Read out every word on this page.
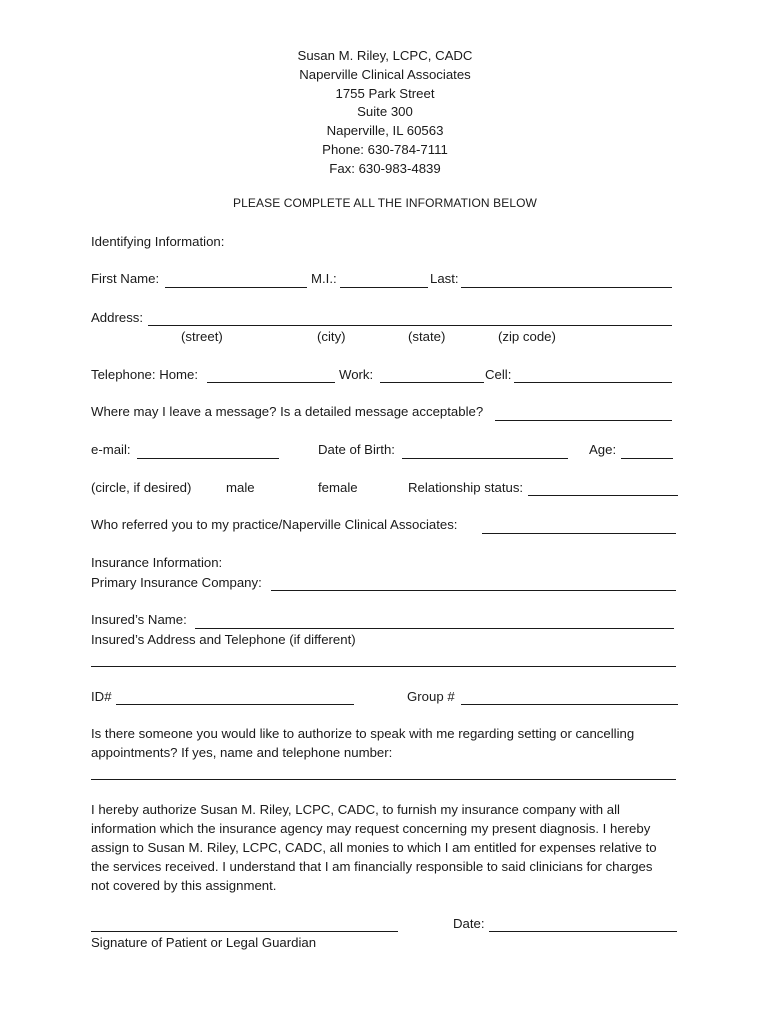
Susan M. Riley, LCPC, CADC
Naperville Clinical Associates
1755 Park Street
Suite 300
Naperville, IL 60563
Phone: 630-784-7111
Fax: 630-983-4839
PLEASE COMPLETE ALL THE INFORMATION BELOW
Identifying Information:
First Name:	M.I.:	Last:
Address:
(street)	(city)	(state)	(zip code)
Telephone: Home:	Work:	Cell:
Where may I leave a message? Is a detailed message acceptable?
e-mail:	Date of Birth:	Age:
(circle, if desired)	male	female	Relationship status:
Who referred you to my practice/Naperville Clinical Associates:
Insurance Information:
Primary Insurance Company:
Insured’s Name:
Insured’s Address and Telephone (if different)
ID#	Group #
Is there someone you would like to authorize to speak with me regarding setting or cancelling
appointments? If yes, name and telephone number:
I hereby authorize Susan M. Riley, LCPC, CADC, to furnish my insurance company with all
information which the insurance agency may request concerning my present diagnosis. I hereby
assign to Susan M. Riley, LCPC, CADC, all monies to which I am entitled for expenses relative to
the services received. I understand that I am financially responsible to said clinicians for charges
not covered by this assignment.
Date:
Signature of Patient or Legal Guardian
